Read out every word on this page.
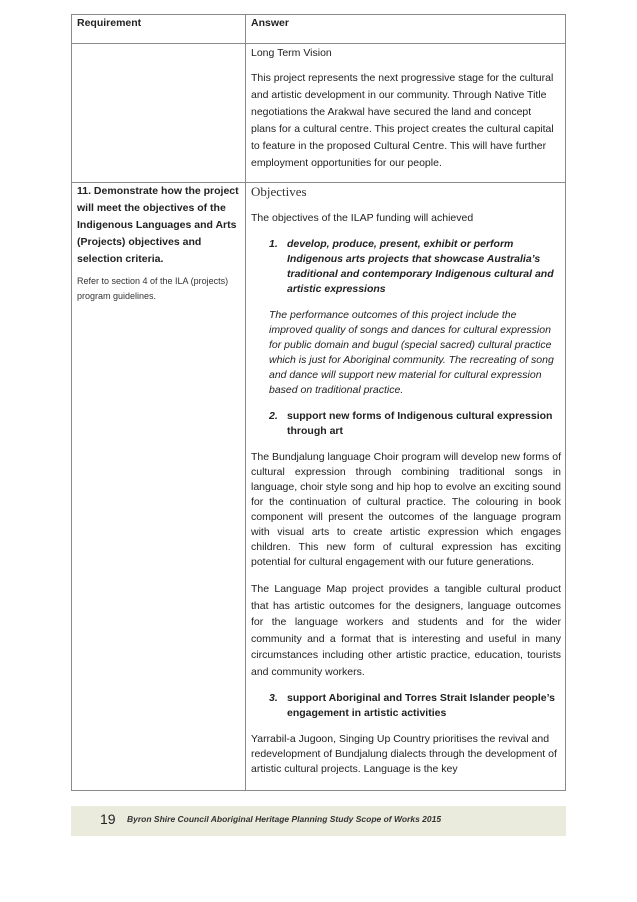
Requirement	Answer

Long Term Vision

This project represents the next progressive stage for the cultural and artistic development in our community. Through Native Title negotiations the Arakwal have secured the land and concept plans for a cultural centre. This project creates the cultural capital to feature in the proposed Cultural Centre. This will have further employment opportunities for our people.

11. Demonstrate how the project will meet the objectives of the Indigenous Languages and Arts (Projects) objectives and selection criteria.

Refer to section 4 of the ILA (projects) program guidelines.

Objectives

The objectives of the ILAP funding will achieved

1. develop, produce, present, exhibit or perform Indigenous arts projects that showcase Australia’s traditional and contemporary Indigenous cultural and artistic expressions

The performance outcomes of this project include the improved quality of songs and dances for cultural expression for public domain and bugul (special sacred) cultural practice which is just for Aboriginal community. The recreating of song and dance will support new material for cultural expression based on traditional practice.

2. support new forms of Indigenous cultural expression through art

The Bundjalung language Choir program will develop new forms of cultural expression through combining traditional songs in language, choir style song and hip hop to evolve an exciting sound for the continuation of cultural practice. The colouring in book component will present the outcomes of the language program with visual arts to create artistic expression which engages children. This new form of cultural expression has exciting potential for cultural engagement with our future generations.

The Language Map project provides a tangible cultural product that has artistic outcomes for the designers, language outcomes for the language workers and students and for the wider community and a format that is interesting and useful in many circumstances including other artistic practice, education, tourists and community workers.

3. support Aboriginal and Torres Strait Islander people’s engagement in artistic activities

Yarrabil-a Jugoon, Singing Up Country prioritises the revival and redevelopment of Bundjalung dialects through the development of artistic cultural projects. Language is the key

19 Byron Shire Council Aboriginal Heritage Planning Study Scope of Works 2015
